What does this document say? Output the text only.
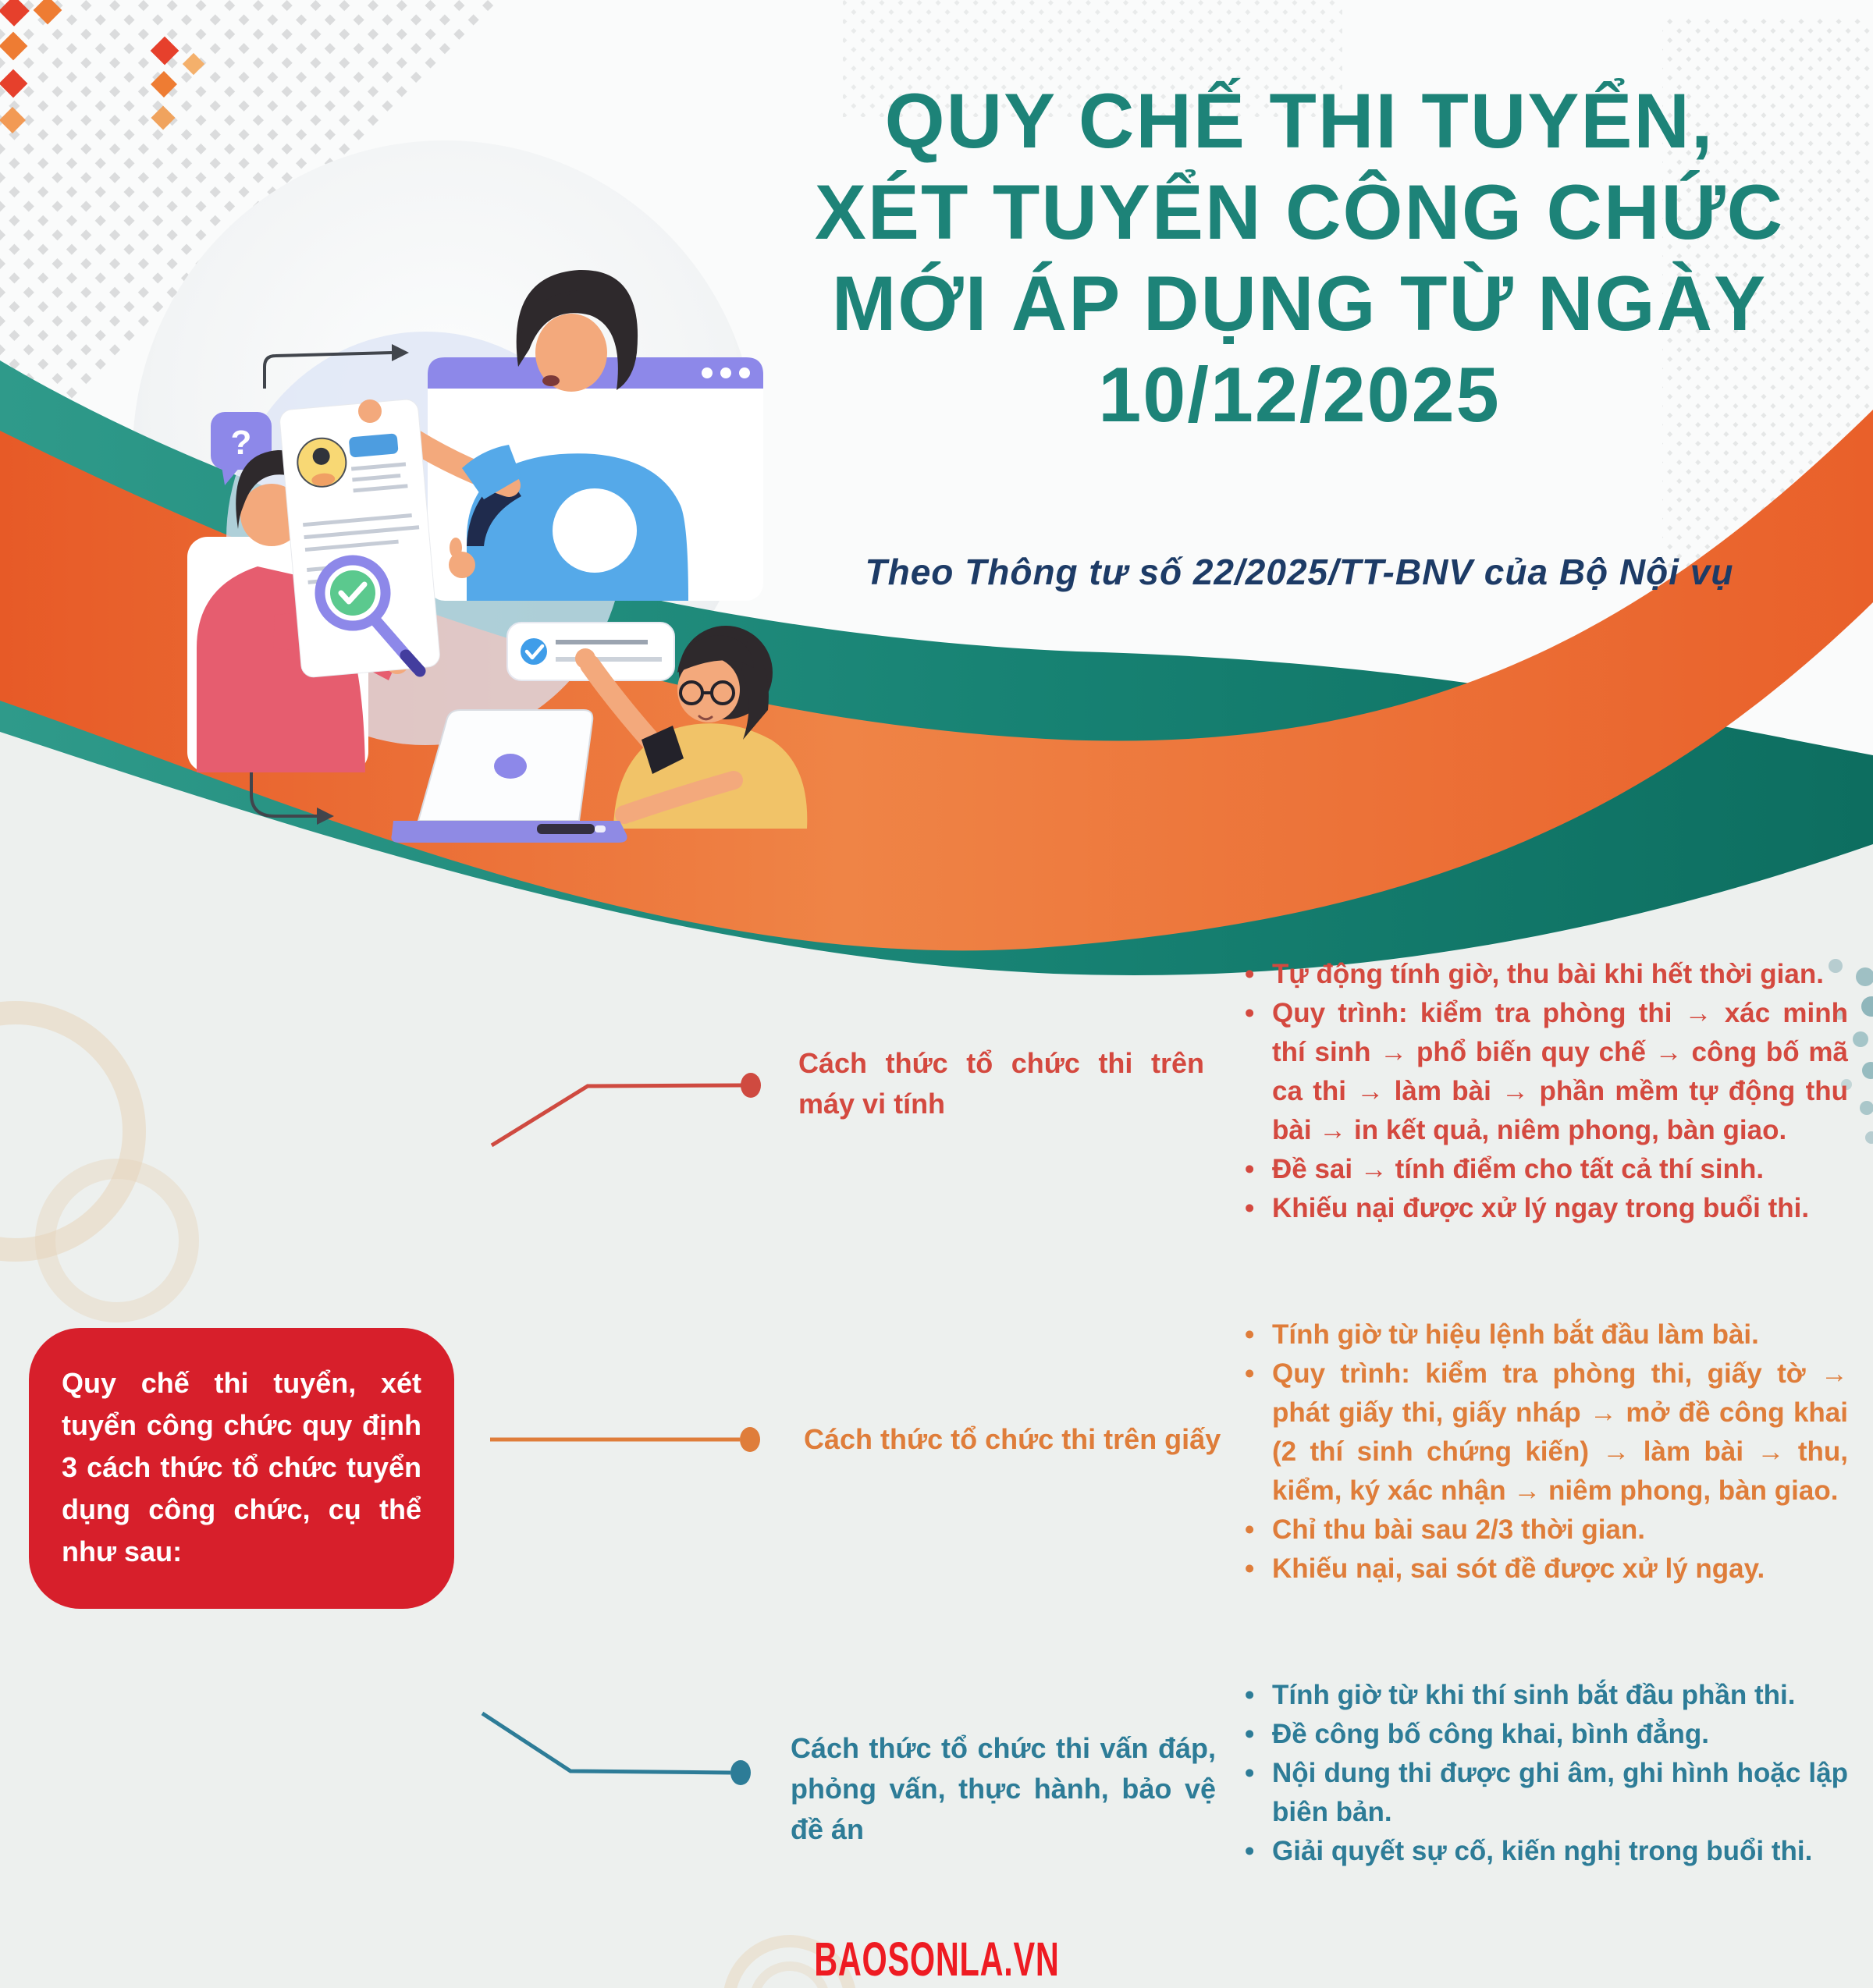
?
QUY CHẾ THI TUYỂN,
XÉT TUYỂN CÔNG CHỨC
MỚI ÁP DỤNG TỪ NGÀY
10/12/2025
Theo Thông tư số 22/2025/TT-BNV của Bộ Nội vụ

Quy chế thi tuyển, xét tuyển công chức quy định 3 cách thức tổ chức tuyển dụng công chức, cụ thể như sau:

Cách thức tổ chức thi trên máy vi tính
• Tự động tính giờ, thu bài khi hết thời gian.
• Quy trình: kiểm tra phòng thi → xác minh thí sinh → phổ biến quy chế → công bố mã ca thi → làm bài → phần mềm tự động thu bài → in kết quả, niêm phong, bàn giao.
• Đề sai → tính điểm cho tất cả thí sinh.
• Khiếu nại được xử lý ngay trong buổi thi.
Cách thức tổ chức thi trên giấy
• Tính giờ từ hiệu lệnh bắt đầu làm bài.
• Quy trình: kiểm tra phòng thi, giấy tờ → phát giấy thi, giấy nháp → mở đề công khai (2 thí sinh chứng kiến) → làm bài → thu, kiểm, ký xác nhận → niêm phong, bàn giao.
• Chỉ thu bài sau 2/3 thời gian.
• Khiếu nại, sai sót đề được xử lý ngay.
Cách thức tổ chức thi vấn đáp, phỏng vấn, thực hành, bảo vệ đề án
• Tính giờ từ khi thí sinh bắt đầu phần thi.
• Đề công bố công khai, bình đẳng.
• Nội dung thi được ghi âm, ghi hình hoặc lập biên bản.
• Giải quyết sự cố, kiến nghị trong buổi thi.
BAOSONLA.VN
